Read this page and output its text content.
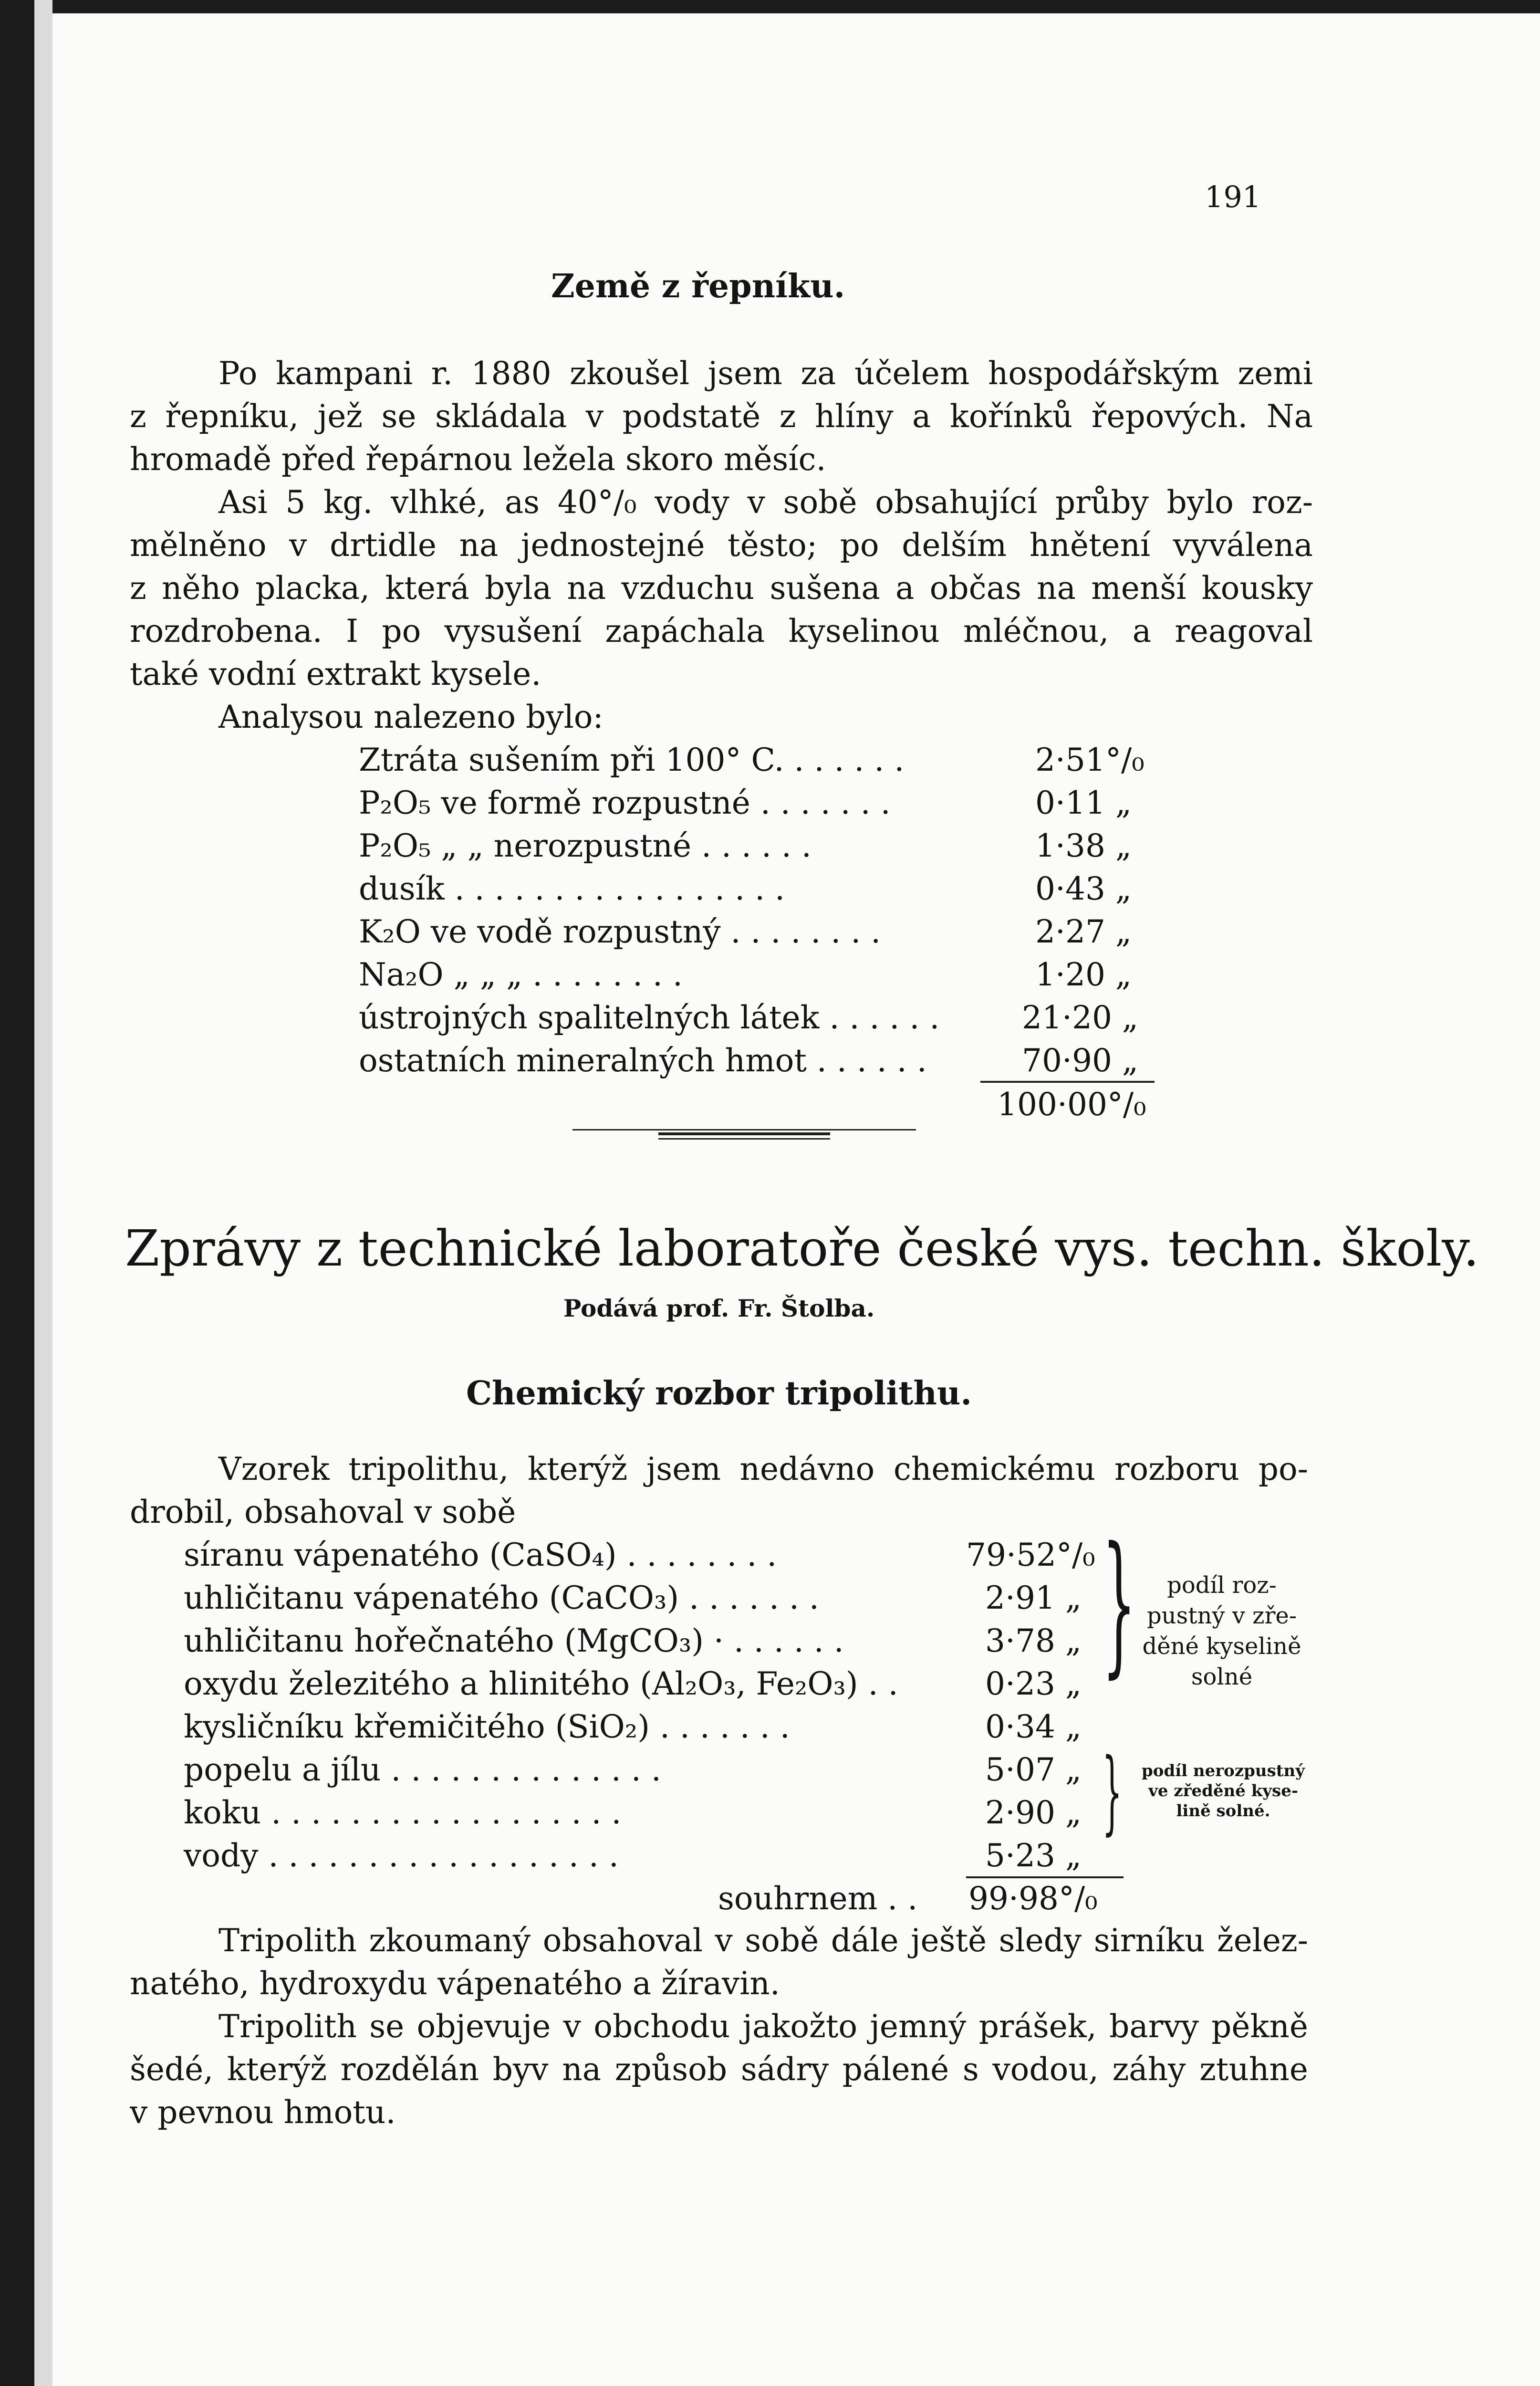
191
Země z řepníku.
Po kampani r. 1880 zkoušel jsem za účelem hospodářským zemi
z řepníku, jež se skládala v podstatě z hlíny a kořínků řepových. Na
hromadě před řepárnou ležela skoro měsíc.
Asi 5 kg. vlhké, as 40°/₀ vody v sobě obsahující průby bylo roz-
mělněno v drtidle na jednostejné těsto; po delším hnětení vyválena
z něho placka, která byla na vzduchu sušena a občas na menší kousky
rozdrobena. I po vysušení zapáchala kyselinou mléčnou, a reagoval
také vodní extrakt kysele.
Analysou nalezeno bylo:
Ztráta sušením při 100° C. . . . . . .	2·51°/₀
P₂O₅ ve formě rozpustné . . . . . . .	0·11 „
P₂O₅ „ „ nerozpustné . . . . . .	1·38 „
dusík . . . . . . . . . . . . . . . . .	0·43 „
K₂O ve vodě rozpustný . . . . . . . .	2·27 „
Na₂O „ „ „ . . . . . . . .	1·20 „
ústrojných spalitelných látek . . . . . .	21·20 „
ostatních mineralných hmot . . . . . .	70·90 „
100·00°/₀
Zprávy z technické laboratoře české vys. techn. školy.
Podává prof. Fr. Štolba.
Chemický rozbor tripolithu.
Vzorek tripolithu, kterýž jsem nedávno chemickému rozboru po-
drobil, obsahoval v sobě
síranu vápenatého (CaSO₄) . . . . . . . .	79·52°/₀
uhličitanu vápenatého (CaCO₃) . . . . . . .	2·91 „
uhličitanu hořečnatého (MgCO₃) · . . . . . .	3·78 „
oxydu železitého a hlinitého (Al₂O₃, Fe₂O₃) . .	0·23 „
kysličníku křemičitého (SiO₂) . . . . . . .	0·34 „
popelu a jílu . . . . . . . . . . . . . .	5·07 „
koku . . . . . . . . . . . . . . . . . .	2·90 „
vody . . . . . . . . . . . . . . . . . .	5·23 „
souhrnem . . 99·98°/₀
}	podíl roz-
pustný v zře-
děné kyselině
solné
}	podíl nerozpustný
ve zředěné kyse-
lině solné.
Tripolith zkoumaný obsahoval v sobě dále ještě sledy sirníku želez-
natého, hydroxydu vápenatého a žíravin.
Tripolith se objevuje v obchodu jakožto jemný prášek, barvy pěkně
šedé, kterýž rozdělán byv na způsob sádry pálené s vodou, záhy ztuhne
v pevnou hmotu.
